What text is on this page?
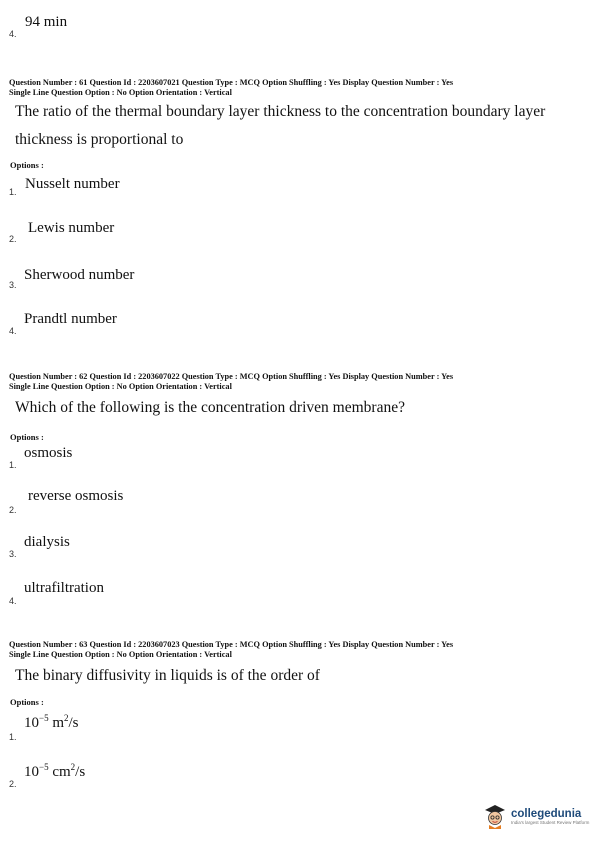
4.
94 min
Question Number : 61 Question Id : 2203607021 Question Type : MCQ Option Shuffling : Yes Display Question Number : Yes
Single Line Question Option : No Option Orientation : Vertical
The ratio of the thermal boundary layer thickness to the concentration boundary layer thickness is proportional to
Options :
1. Nusselt number
2.
Lewis number
3.
Sherwood number
4.
Prandtl number
Question Number : 62 Question Id : 2203607022 Question Type : MCQ Option Shuffling : Yes Display Question Number : Yes
Single Line Question Option : No Option Orientation : Vertical
Which of the following is the concentration driven membrane?
Options :
1.
osmosis
2.
reverse osmosis
3.
dialysis
4.
ultrafiltration
Question Number : 63 Question Id : 2203607023 Question Type : MCQ Option Shuffling : Yes Display Question Number : Yes
Single Line Question Option : No Option Orientation : Vertical
The binary diffusivity in liquids is of the order of
Options :
1.
$10^{-5}$ $m^2/s$
2.
$10^{-5}$ $cm^2/s$
collegedunia
India's largest Student Review Platform
